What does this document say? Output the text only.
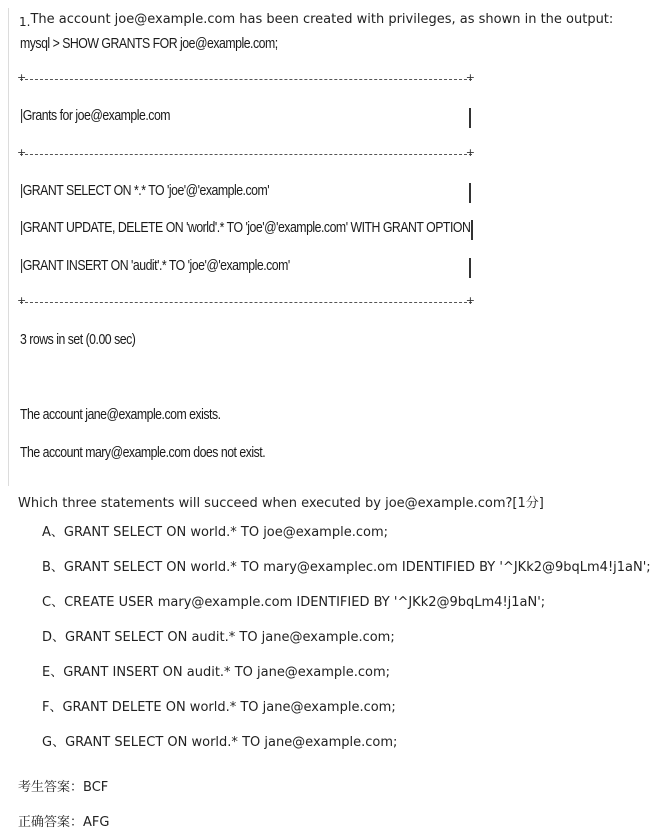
1.The account joe@example.com has been created with privileges, as shown in the output:
mysql > SHOW GRANTS FOR joe@example.com;
+ +
|Grants for joe@example.com
+ +
|GRANT SELECT ON *.* TO 'joe'@'example.com'
|GRANT UPDATE, DELETE ON 'world'.* TO 'joe'@'example.com' WITH GRANT OPTION
|GRANT INSERT ON 'audit'.* TO 'joe'@'example.com'
+ +
3 rows in set (0.00 sec)
The account jane@example.com exists.
The account mary@example.com does not exist.
Which three statements will succeed when executed by joe@example.com?[1分]
A、GRANT SELECT ON world.* TO joe@example.com;
B、GRANT SELECT ON world.* TO mary@examplec.om IDENTIFIED BY '^JKk2@9bqLm4!j1aN';
C、CREATE USER mary@example.com IDENTIFIED BY '^JKk2@9bqLm4!j1aN';
D、GRANT SELECT ON audit.* TO jane@example.com;
E、GRANT INSERT ON audit.* TO jane@example.com;
F、GRANT DELETE ON world.* TO jane@example.com;
G、GRANT SELECT ON world.* TO jane@example.com;
考生答案：BCF
正确答案：AFG
